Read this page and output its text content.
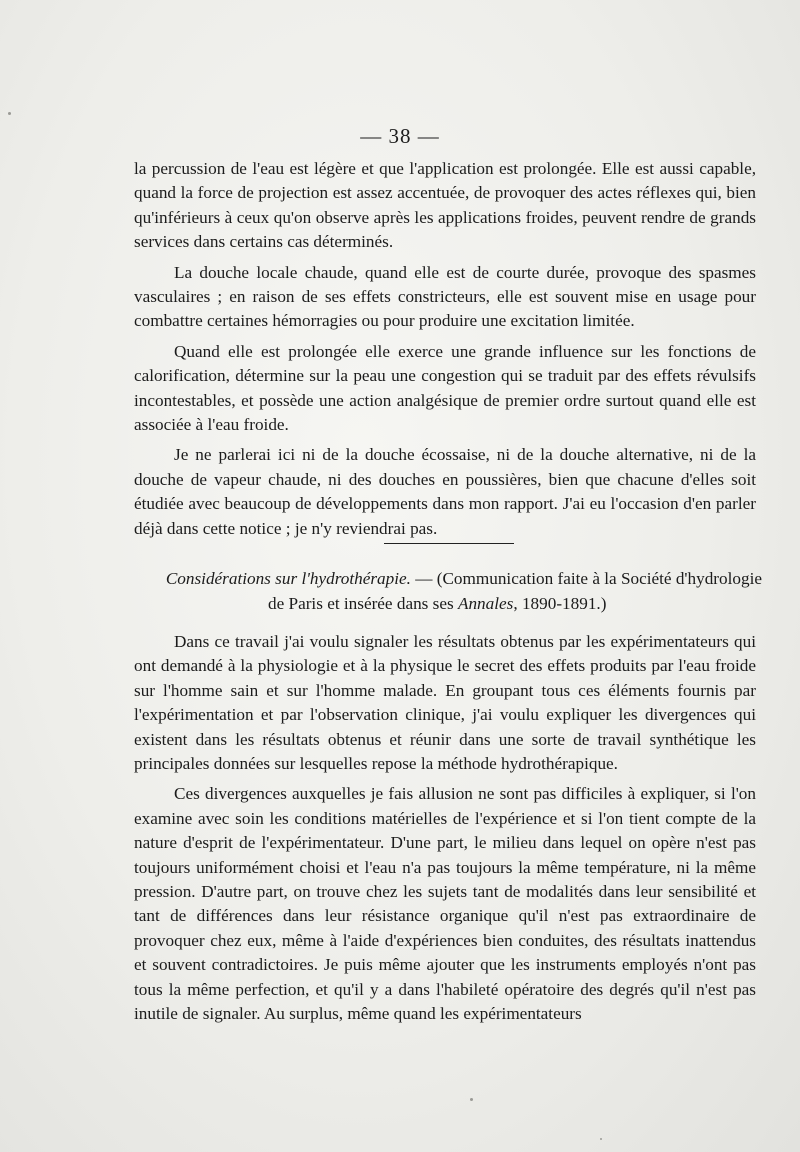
— 38 —

la percussion de l'eau est légère et que l'application est prolongée. Elle est aussi capable, quand la force de projection est assez accentuée, de provoquer des actes réflexes qui, bien qu'inférieurs à ceux qu'on observe après les applications froides, peuvent rendre de grands services dans certains cas déterminés.

La douche locale chaude, quand elle est de courte durée, provoque des spasmes vasculaires ; en raison de ses effets constricteurs, elle est souvent mise en usage pour combattre certaines hémorragies ou pour produire une excitation limitée.

Quand elle est prolongée elle exerce une grande influence sur les fonctions de calorification, détermine sur la peau une congestion qui se traduit par des effets révulsifs incontestables, et possède une action analgésique de premier ordre surtout quand elle est associée à l'eau froide.

Je ne parlerai ici ni de la douche écossaise, ni de la douche alternative, ni de la douche de vapeur chaude, ni des douches en poussières, bien que chacune d'elles soit étudiée avec beaucoup de développements dans mon rapport. J'ai eu l'occasion d'en parler déjà dans cette notice ; je n'y reviendrai pas.

Considérations sur l'hydrothérapie. — (Communication faite à la Société d'hydrologie
de Paris et insérée dans ses Annales, 1890-1891.)

Dans ce travail j'ai voulu signaler les résultats obtenus par les expérimentateurs qui ont demandé à la physiologie et à la physique le secret des effets produits par l'eau froide sur l'homme sain et sur l'homme malade. En groupant tous ces éléments fournis par l'expérimentation et par l'observation clinique, j'ai voulu expliquer les divergences qui existent dans les résultats obtenus et réunir dans une sorte de travail synthétique les principales données sur lesquelles repose la méthode hydrothérapique.

Ces divergences auxquelles je fais allusion ne sont pas difficiles à expliquer, si l'on examine avec soin les conditions matérielles de l'expérience et si l'on tient compte de la nature d'esprit de l'expérimentateur. D'une part, le milieu dans lequel on opère n'est pas toujours uniformément choisi et l'eau n'a pas toujours la même température, ni la même pression. D'autre part, on trouve chez les sujets tant de modalités dans leur sensibilité et tant de différences dans leur résistance organique qu'il n'est pas extraordinaire de provoquer chez eux, même à l'aide d'expériences bien conduites, des résultats inattendus et souvent contradictoires. Je puis même ajouter que les instruments employés n'ont pas tous la même perfection, et qu'il y a dans l'habileté opératoire des degrés qu'il n'est pas inutile de signaler. Au surplus, même quand les expérimentateurs
